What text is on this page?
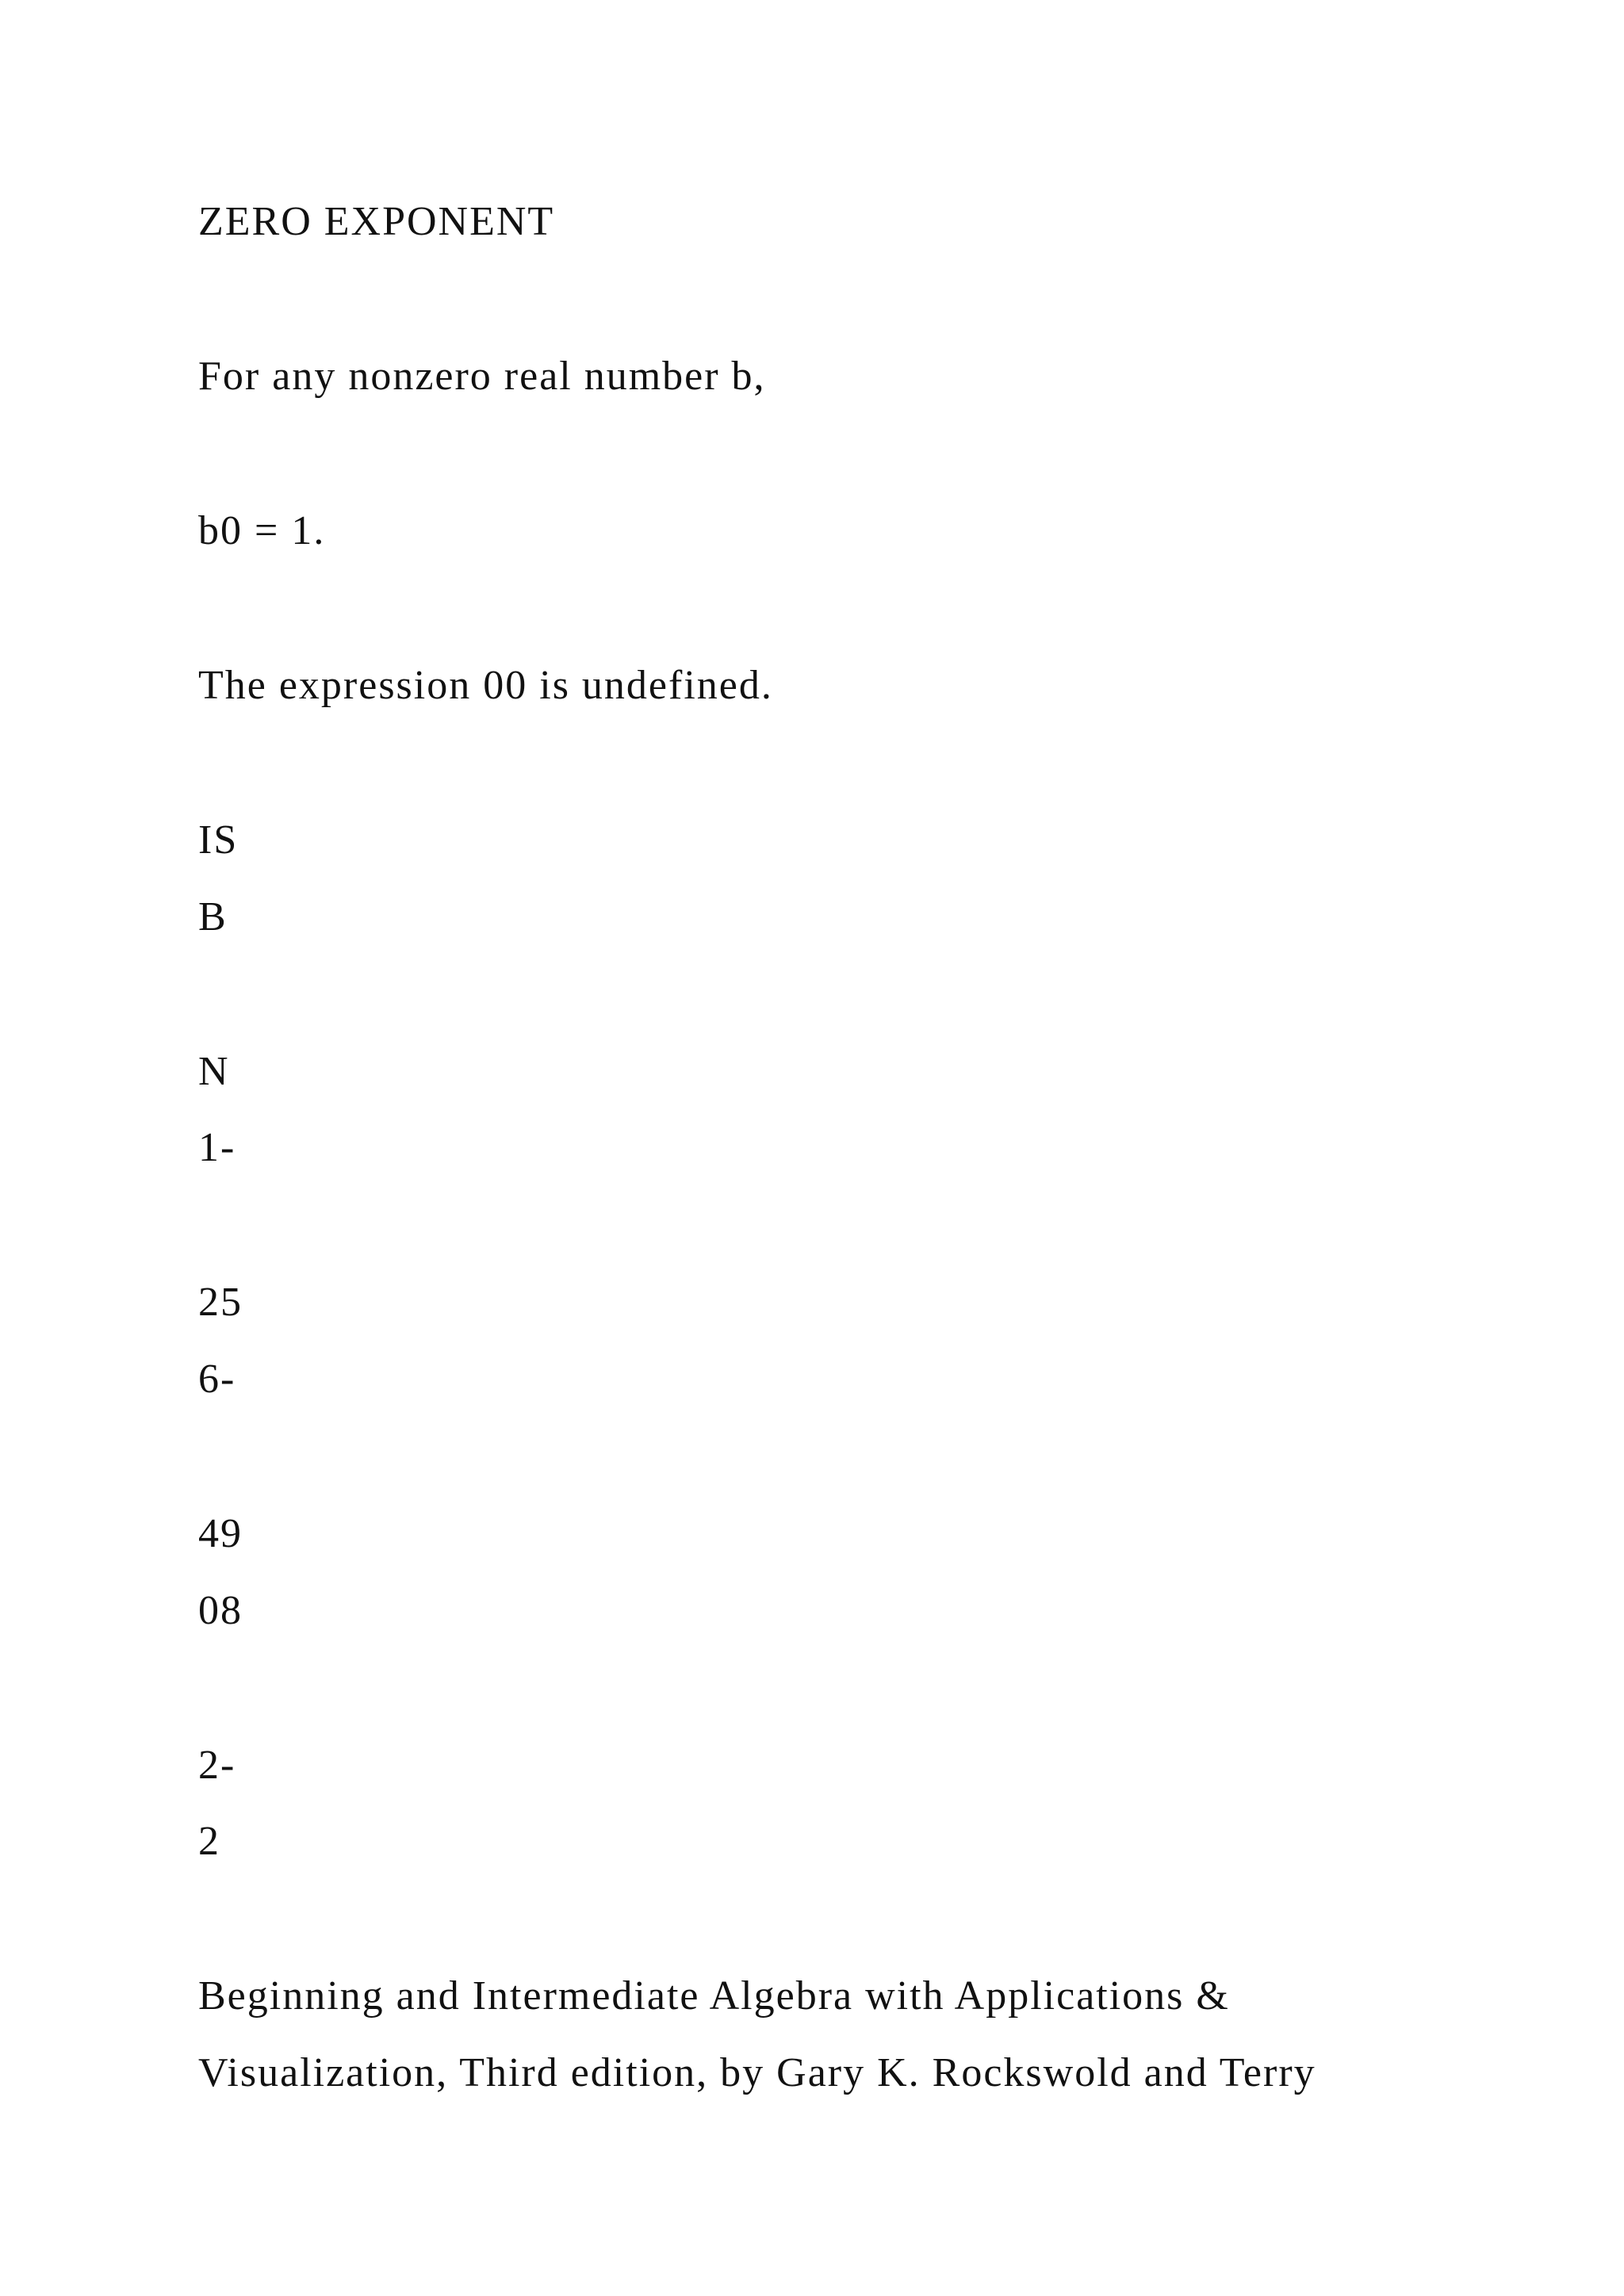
ZERO EXPONENT
For any nonzero real number b,
b0 = 1.
The expression 00 is undefined.
IS
B
N
1-
25
6-
49
08
2-
2
Beginning and Intermediate Algebra with Applications &
Visualization, Third edition, by Gary K. Rockswold and Terry
